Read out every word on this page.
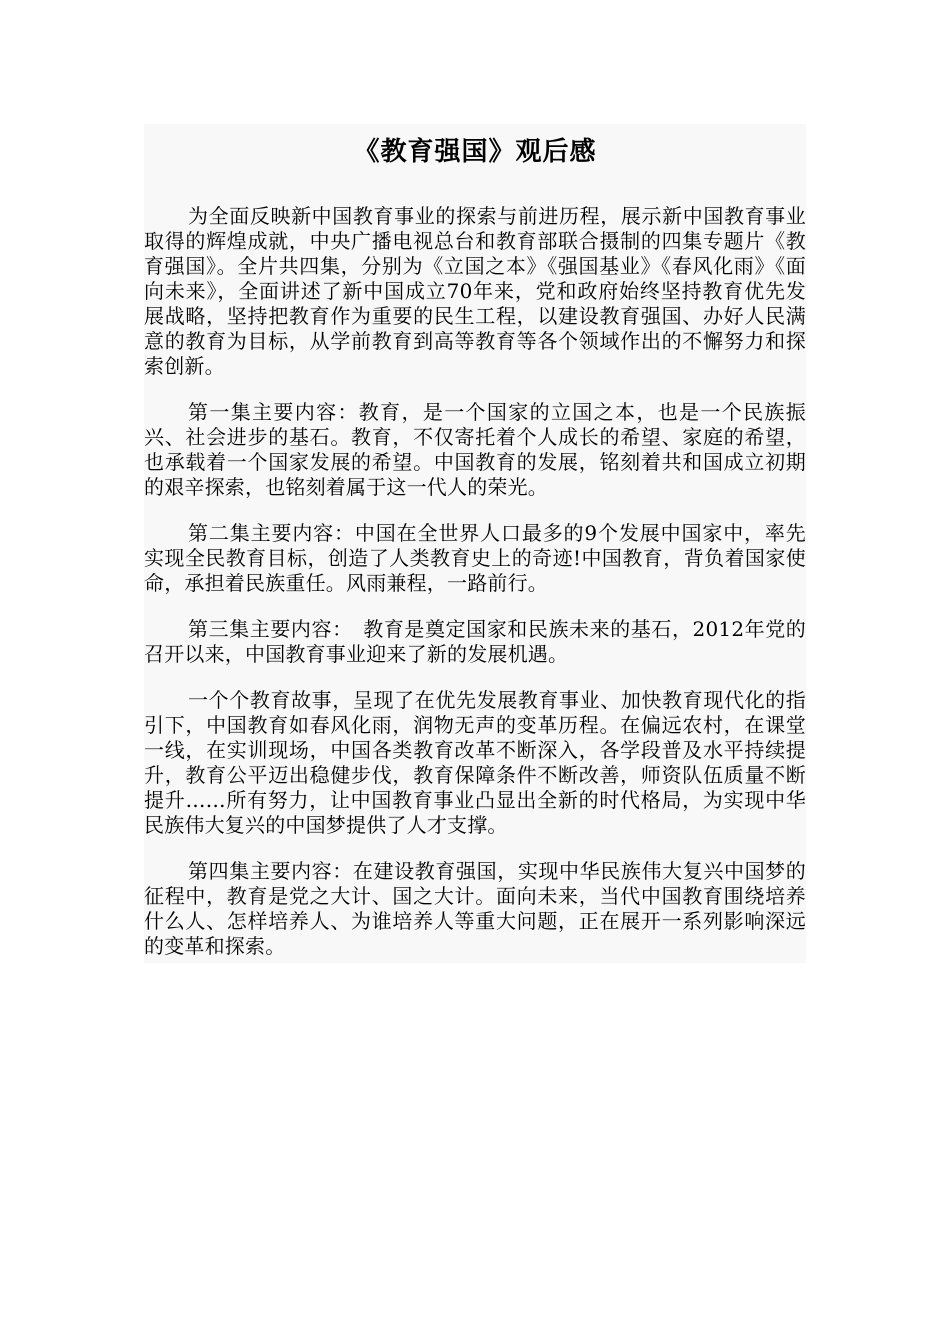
《教育强国》观后感

为全面反映新中国教育事业的探索与前进历程，展示新中国教育事业取得的辉煌成就，中央广播电视总台和教育部联合摄制的四集专题片《教育强国》。全片共四集，分别为《立国之本》《强国基业》《春风化雨》《面向未来》，全面讲述了新中国成立70年来，党和政府始终坚持教育优先发展战略，坚持把教育作为重要的民生工程，以建设教育强国、办好人民满意的教育为目标，从学前教育到高等教育等各个领域作出的不懈努力和探索创新。

第一集主要内容：教育，是一个国家的立国之本，也是一个民族振兴、社会进步的基石。教育，不仅寄托着个人成长的希望、家庭的希望，也承载着一个国家发展的希望。中国教育的发展，铭刻着共和国成立初期的艰辛探索，也铭刻着属于这一代人的荣光。

第二集主要内容：中国在全世界人口最多的9个发展中国家中，率先实现全民教育目标，创造了人类教育史上的奇迹!中国教育，背负着国家使命，承担着民族重任。风雨兼程，一路前行。

第三集主要内容：　教育是奠定国家和民族未来的基石，2012年党的召开以来，中国教育事业迎来了新的发展机遇。

一个个教育故事，呈现了在优先发展教育事业、加快教育现代化的指引下，中国教育如春风化雨，润物无声的变革历程。在偏远农村，在课堂一线，在实训现场，中国各类教育改革不断深入，各学段普及水平持续提升，教育公平迈出稳健步伐，教育保障条件不断改善，师资队伍质量不断提升……所有努力，让中国教育事业凸显出全新的时代格局，为实现中华民族伟大复兴的中国梦提供了人才支撑。

第四集主要内容：在建设教育强国，实现中华民族伟大复兴中国梦的征程中，教育是党之大计、国之大计。面向未来，当代中国教育围绕培养什么人、怎样培养人、为谁培养人等重大问题，正在展开一系列影响深远的变革和探索。
